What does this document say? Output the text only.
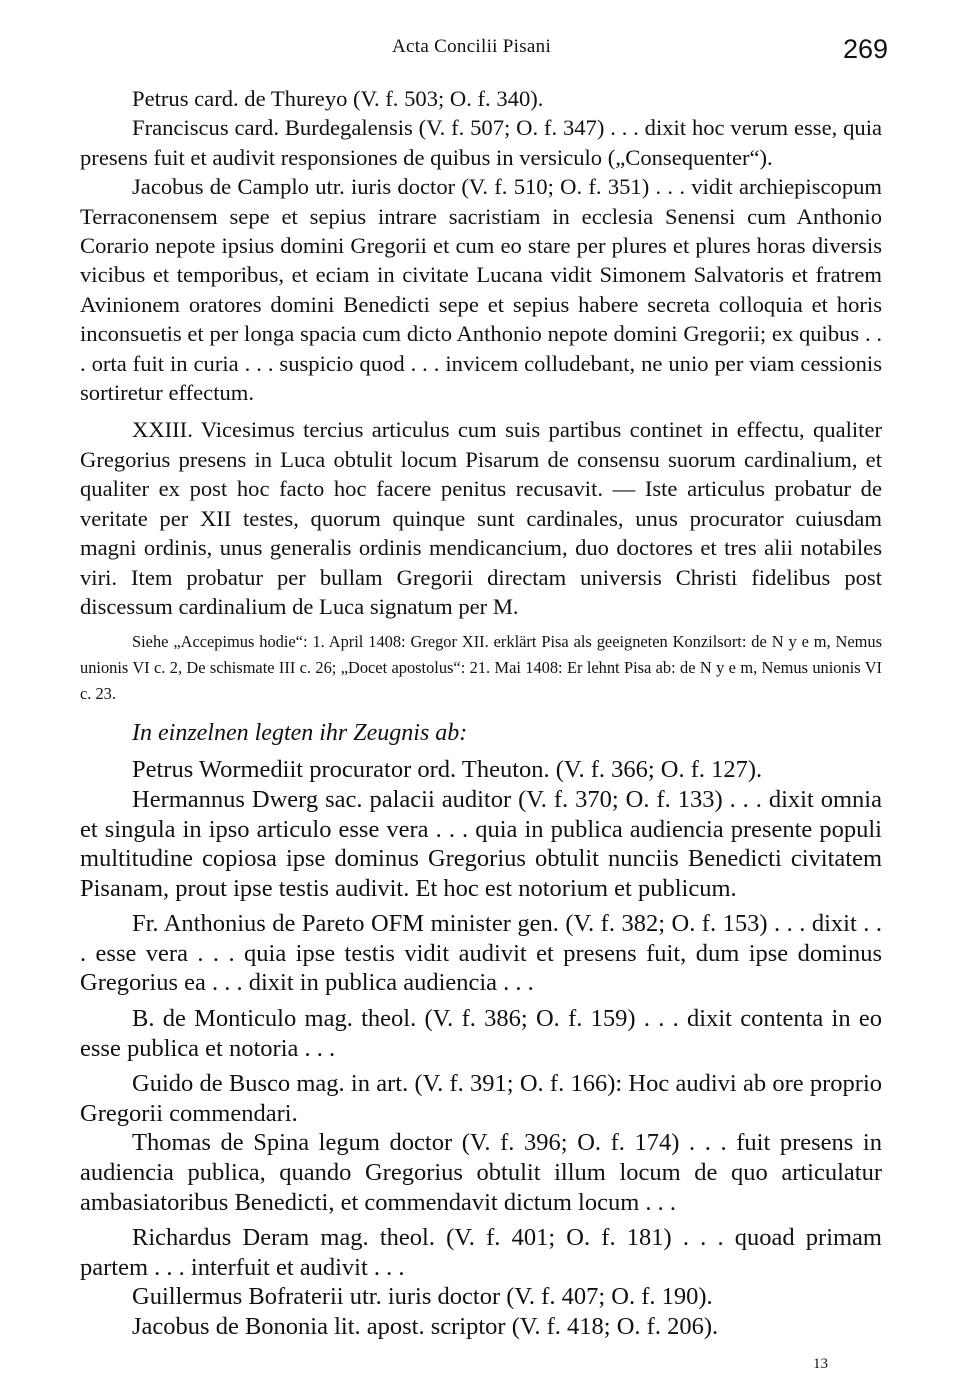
Acta Concilii Pisani	269

Petrus card. de Thureyo (V. f. 503; O. f. 340).

Franciscus card. Burdegalensis (V. f. 507; O. f. 347) . . . dixit hoc verum esse, quia presens fuit et audivit responsiones de quibus in versiculo („Consequenter“).

Jacobus de Camplo utr. iuris doctor (V. f. 510; O. f. 351) . . . vidit archiepiscopum Terraconensem sepe et sepius intrare sacristiam in ecclesia Senensi cum Anthonio Corario nepote ipsius domini Gregorii et cum eo stare per plures et plures horas diversis vicibus et temporibus, et eciam in civitate Lucana vidit Simonem Salvatoris et fratrem Avinionem oratores domini Benedicti sepe et sepius habere secreta colloquia et horis inconsuetis et per longa spacia cum dicto Anthonio nepote domini Gregorii; ex quibus . . . orta fuit in curia . . . suspicio quod . . . invicem colludebant, ne unio per viam cessionis sortiretur effectum.

XXIII. Vicesimus tercius articulus cum suis partibus continet in effectu, qualiter Gregorius presens in Luca obtulit locum Pisarum de consensu suorum cardinalium, et qualiter ex post hoc facto hoc facere penitus recusavit. — Iste articulus probatur de veritate per XII testes, quorum quinque sunt cardinales, unus procurator cuiusdam magni ordinis, unus generalis ordinis mendicancium, duo doctores et tres alii notabiles viri. Item probatur per bullam Gregorii directam universis Christi fidelibus post discessum cardinalium de Luca signatum per M.

Siehe „Accepimus hodie“: 1. April 1408: Gregor XII. erklärt Pisa als geeigneten Konzilsort: de N y e m, Nemus unionis VI c. 2, De schismate III c. 26; „Docet apostolus“: 21. Mai 1408: Er lehnt Pisa ab: de N y e m, Nemus unionis VI c. 23.

In einzelnen legten ihr Zeugnis ab:

Petrus Wormediit procurator ord. Theuton. (V. f. 366; O. f. 127).

Hermannus Dwerg sac. palacii auditor (V. f. 370; O. f. 133) . . . dixit omnia et singula in ipso articulo esse vera . . . quia in publica audiencia presente populi multitudine copiosa ipse dominus Gregorius obtulit nunciis Benedicti civitatem Pisanam, prout ipse testis audivit. Et hoc est notorium et publicum.

Fr. Anthonius de Pareto OFM minister gen. (V. f. 382; O. f. 153) . . . dixit . . . esse vera . . . quia ipse testis vidit audivit et presens fuit, dum ipse dominus Gregorius ea . . . dixit in publica audiencia . . .

B. de Monticulo mag. theol. (V. f. 386; O. f. 159) . . . dixit contenta in eo esse publica et notoria . . .

Guido de Busco mag. in art. (V. f. 391; O. f. 166): Hoc audivi ab ore proprio Gregorii commendari.

Thomas de Spina legum doctor (V. f. 396; O. f. 174) . . . fuit presens in audiencia publica, quando Gregorius obtulit illum locum de quo articulatur ambasiatoribus Benedicti, et commendavit dictum locum . . .

Richardus Deram mag. theol. (V. f. 401; O. f. 181) . . . quoad primam partem . . . interfuit et audivit . . .

Guillermus Bofraterii utr. iuris doctor (V. f. 407; O. f. 190).

Jacobus de Bononia lit. apost. scriptor (V. f. 418; O. f. 206).

13
